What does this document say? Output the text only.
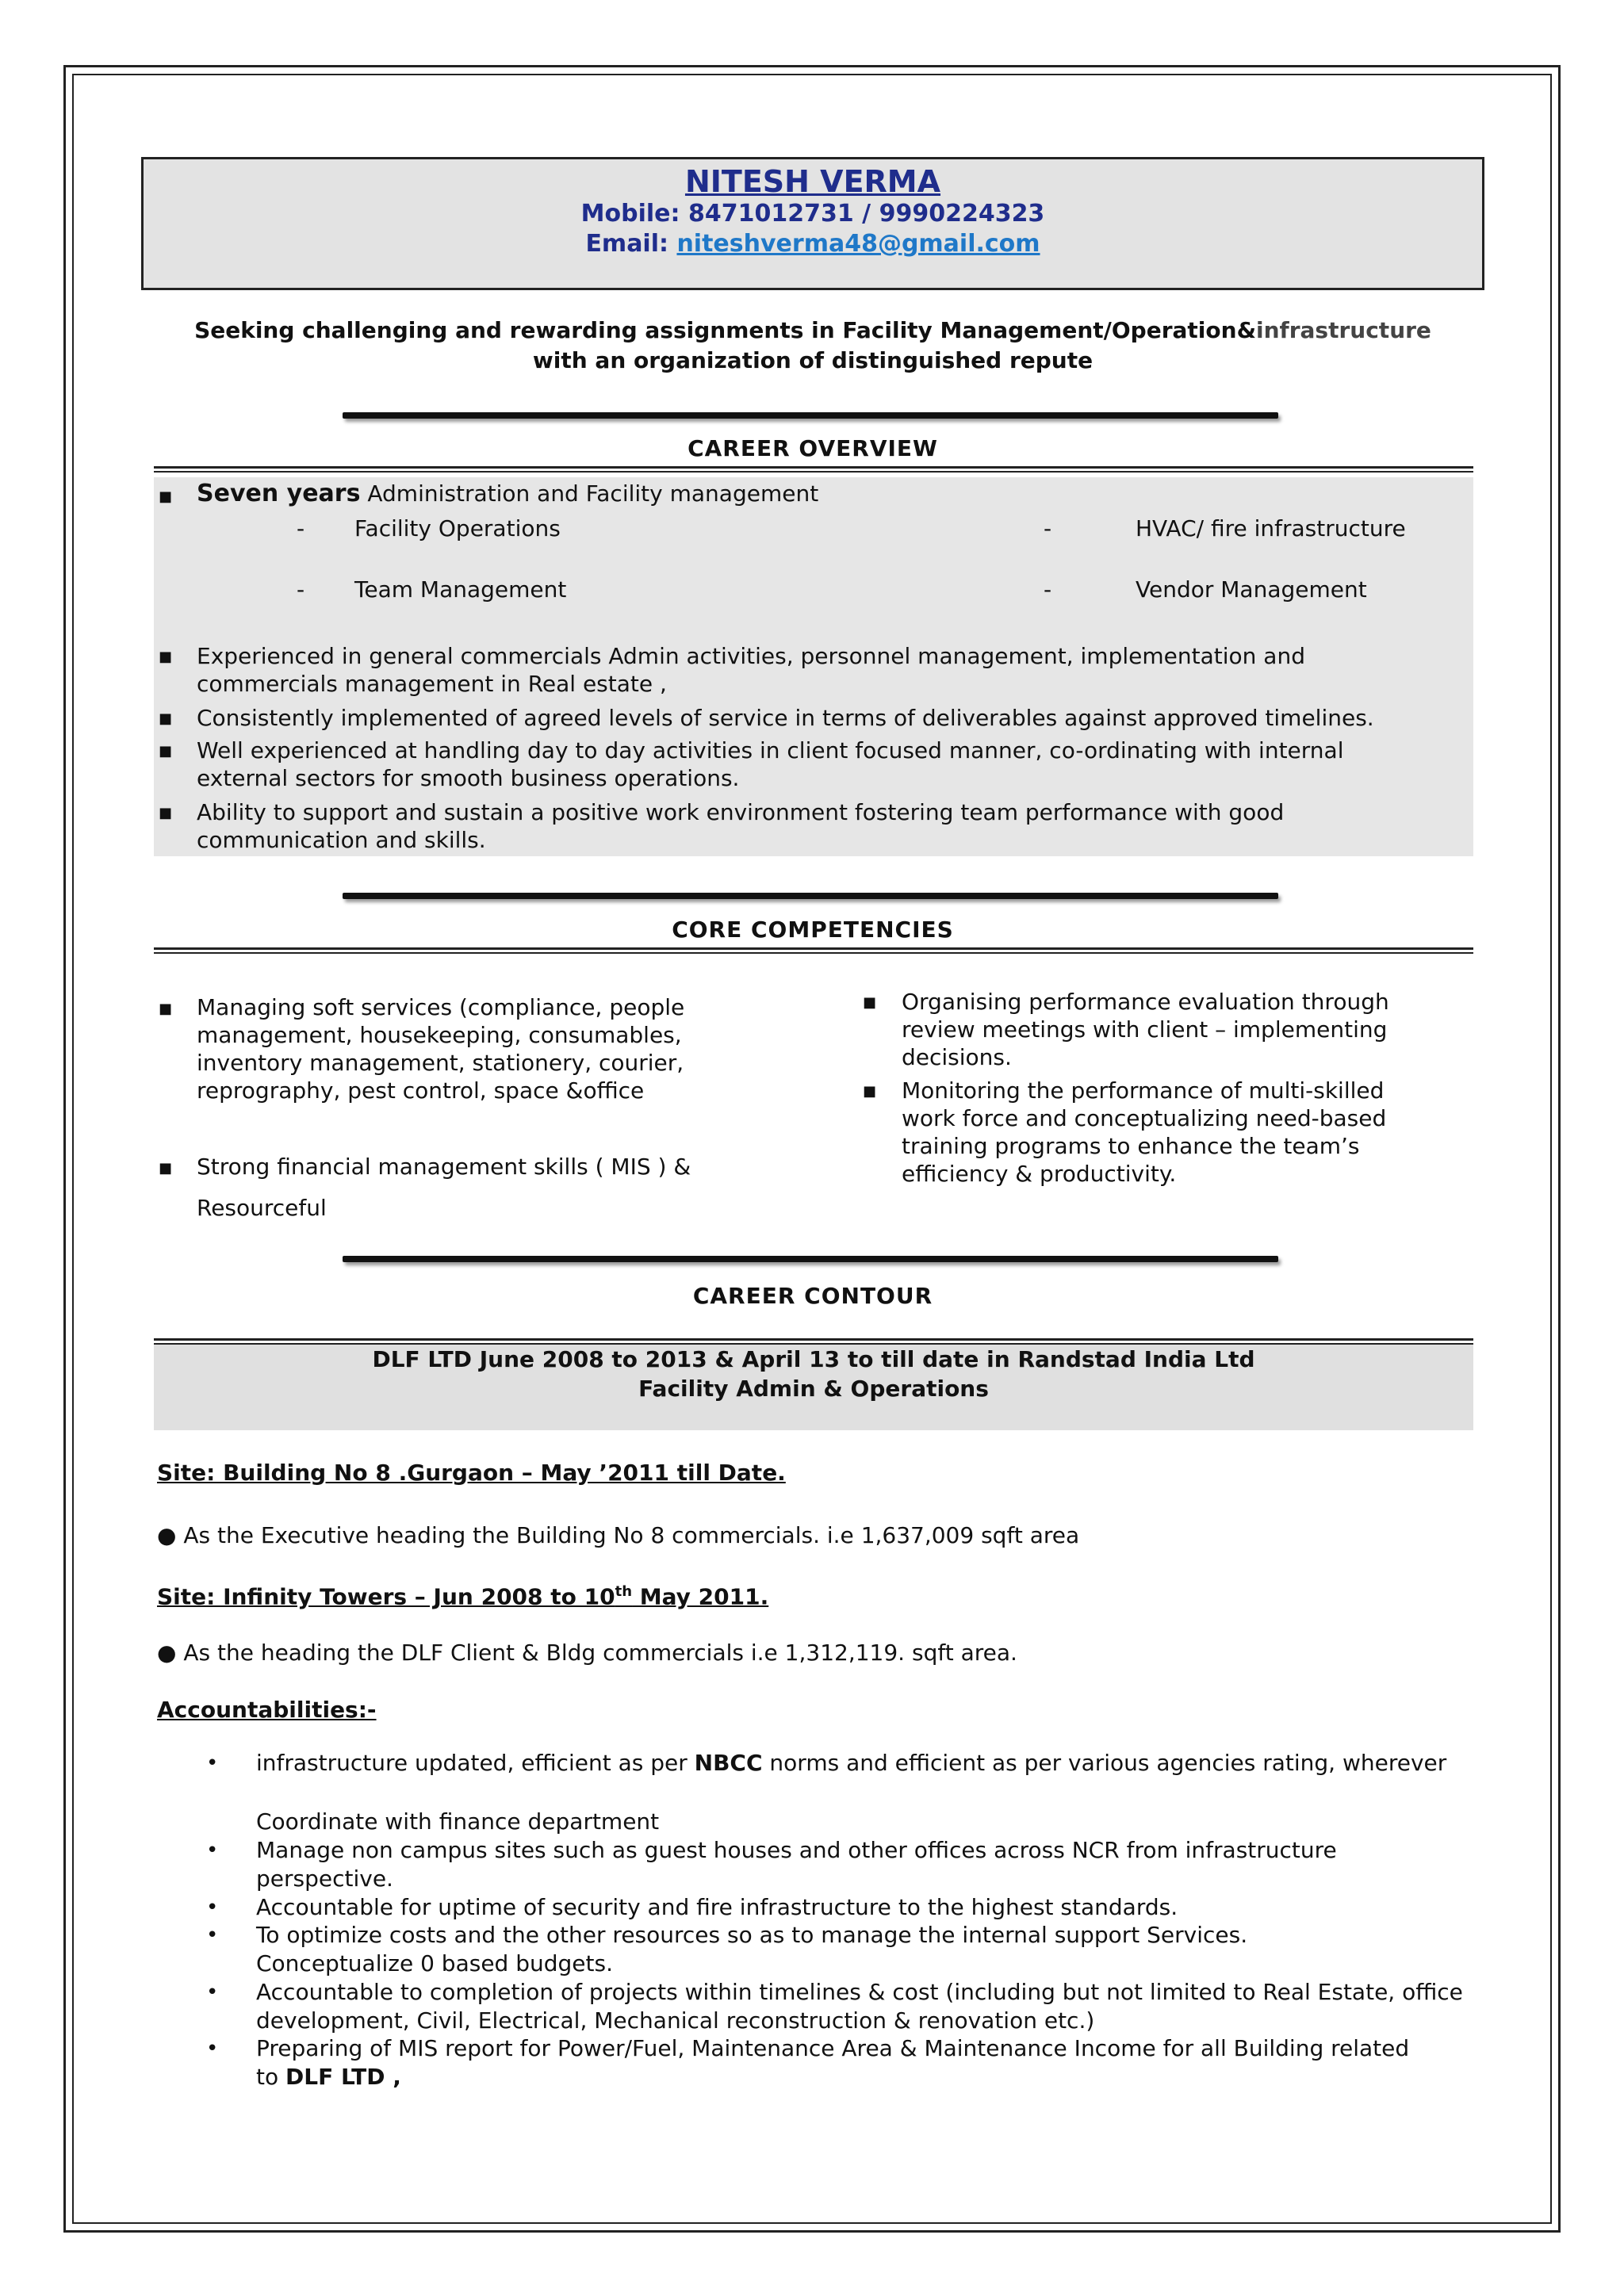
NITESH VERMA
Mobile: 8471012731 / 9990224323
Email: niteshverma48@gmail.com
Seeking challenging and rewarding assignments in Facility Management/Operation&infrastructure
with an organization of distinguished repute
CAREER OVERVIEW
■ Seven years Administration and Facility management
- Facility Operations	-	HVAC/ fire infrastructure
- Team Management	-	Vendor Management
■ Experienced in general commercials Admin activities, personnel management, implementation and commercials management in Real estate ,
■ Consistently implemented of agreed levels of service in terms of deliverables against approved timelines.
■ Well experienced at handling day to day activities in client focused manner, co-ordinating with internal external sectors for smooth business operations.
■ Ability to support and sustain a positive work environment fostering team performance with good communication and skills.
CORE COMPETENCIES
■ Managing soft services (compliance, people management, housekeeping, consumables, inventory management, stationery, courier, reprography, pest control, space &office
■ Strong financial management skills ( MIS ) &
Resourceful
■ Organising performance evaluation through review meetings with client – implementing decisions.
■ Monitoring the performance of multi-skilled work force and conceptualizing need-based training programs to enhance the team’s efficiency & productivity.
CAREER CONTOUR
DLF LTD June 2008 to 2013 & April 13 to till date in Randstad India Ltd
Facility Admin & Operations
Site: Building No 8 .Gurgaon – May ’2011 till Date.
● As the Executive heading the Building No 8 commercials. i.e 1,637,009 sqft area
Site: Infinity Towers – Jun 2008 to 10th May 2011.
● As the heading the DLF Client & Bldg commercials i.e 1,312,119. sqft area.
Accountabilities:-
• infrastructure updated, efficient as per NBCC norms and efficient as per various agencies rating, wherever
Coordinate with finance department
• Manage non campus sites such as guest houses and other offices across NCR from infrastructure perspective.
• Accountable for uptime of security and fire infrastructure to the highest standards.
• To optimize costs and the other resources so as to manage the internal support Services. Conceptualize 0 based budgets.
• Accountable to completion of projects within timelines & cost (including but not limited to Real Estate, office development, Civil, Electrical, Mechanical reconstruction & renovation etc.)
• Preparing of MIS report for Power/Fuel, Maintenance Area & Maintenance Income for all Building related to DLF LTD ,
